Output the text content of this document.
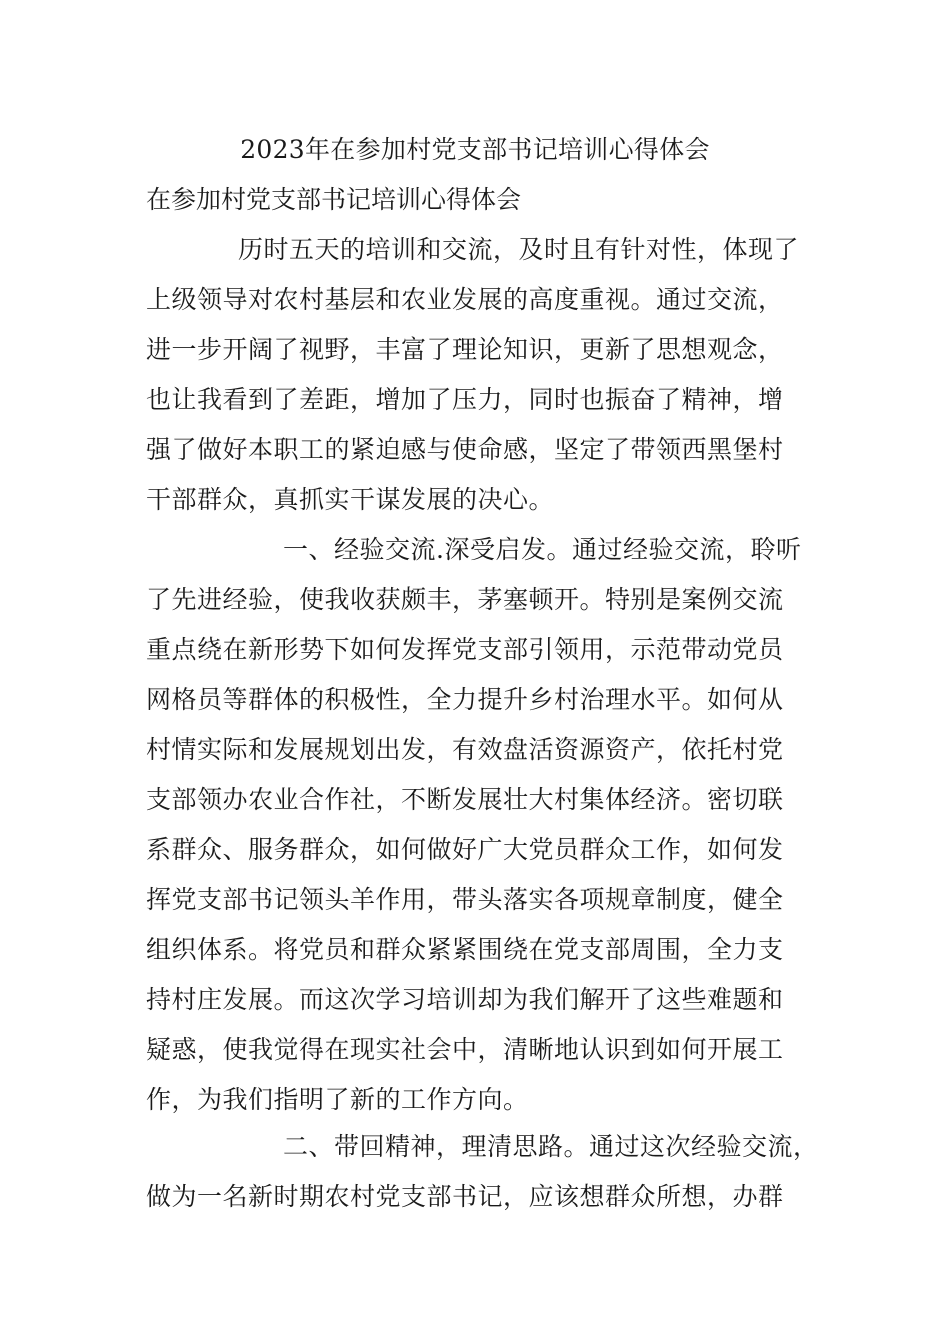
2023年在参加村党支部书记培训心得体会
在参加村党支部书记培训心得体会
历时五天的培训和交流，及时且有针对性，体现了
上级领导对农村基层和农业发展的高度重视。通过交流，
进一步开阔了视野，丰富了理论知识，更新了思想观念，
也让我看到了差距，增加了压力，同时也振奋了精神，增
强了做好本职工的紧迫感与使命感，坚定了带领西黑堡村
干部群众，真抓实干谋发展的决心。
一、经验交流.深受启发。通过经验交流，聆听
了先进经验，使我收获颇丰，茅塞顿开。特别是案例交流
重点绕在新形势下如何发挥党支部引领用，示范带动党员
网格员等群体的积极性，全力提升乡村治理水平。如何从
村情实际和发展规划出发，有效盘活资源资产，依托村党
支部领办农业合作社，不断发展壮大村集体经济。密切联
系群众、服务群众，如何做好广大党员群众工作，如何发
挥党支部书记领头羊作用，带头落实各项规章制度，健全
组织体系。将党员和群众紧紧围绕在党支部周围，全力支
持村庄发展。而这次学习培训却为我们解开了这些难题和
疑惑，使我觉得在现实社会中，清晰地认识到如何开展工
作，为我们指明了新的工作方向。
二、带回精神，理清思路。通过这次经验交流，
做为一名新时期农村党支部书记，应该想群众所想，办群
